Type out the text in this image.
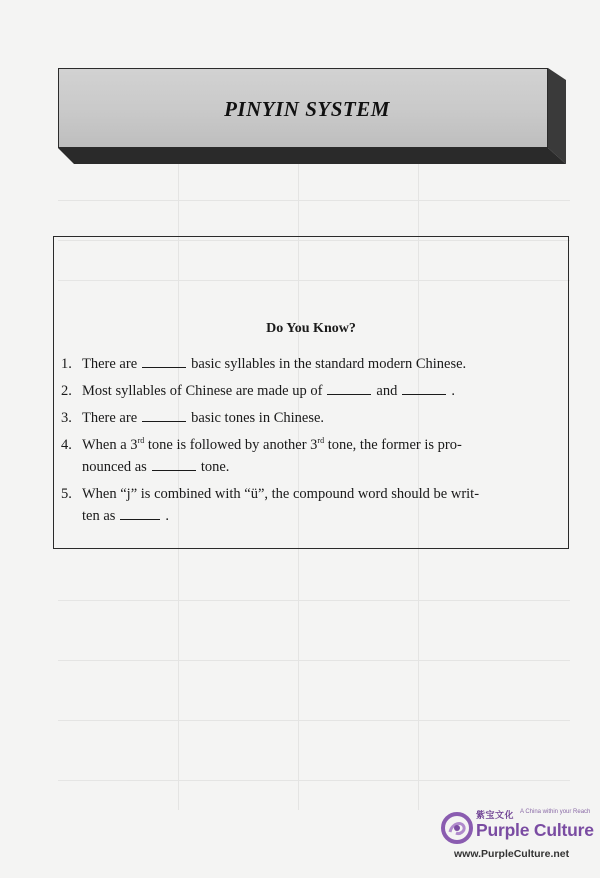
PINYIN SYSTEM
Do You Know?
1. There are	basic syllables in the standard modern Chinese.
2. Most syllables of Chinese are made up of	and	.
3. There are	basic tones in Chinese.
4. When a 3rd tone is followed by another 3rd tone, the former is pro-
nounced as	tone.
5. When “j” is combined with “ü”, the compound word should be writ-
ten as	.
紫宝文化 A China within your Reach
Purple Culture
www.PurpleCulture.net
